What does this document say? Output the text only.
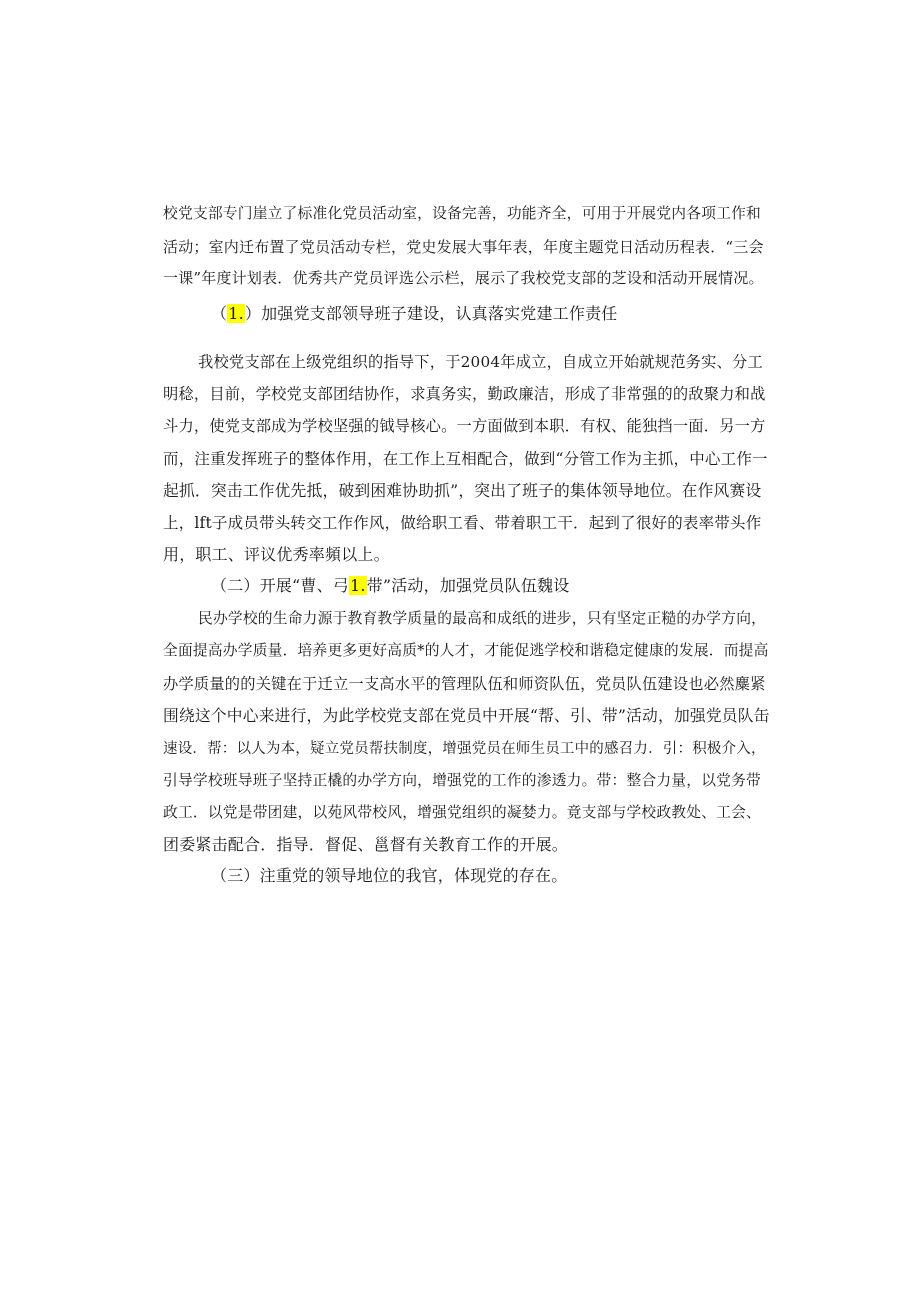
校党支部专门崖立了标准化党员活动室，设备完善，功能齐全，可用于开展党内各项工作和
活动；室内迁布置了党员活动专栏，党史发展大事年表，年度主题党日活动历程表．“三会
一课”年度计划表．优秀共产党员评选公示栏，展示了我校党支部的芝设和活动开展情况。
（1.）加强党支部领导班子建设，认真落实党建工作责任
我校党支部在上级党组织的指导下，于2004年成立，自成立开始就规范务实、分工
明稔，目前，学校党支部团结协作，求真务实，勤政廉洁，形成了非常强的的敌聚力和战
斗力，使党支部成为学校坚强的钺导核心。一方面做到本职．有权、能独挡一面．另一方
而，注重发挥班子的整体作用，在工作上互相配合，做到“分管工作为主抓，中心工作一
起抓．突击工作优先抵，破到困难协助抓”，突出了班子的集体领导地位。在作风赛设
上，lft子成员带头转交工作作风，做给职工看、带着职工干．起到了很好的表率带头作
用，职工、评议优秀率頻以上。
（二）开展“曹、弓1.带”活动，加强党员队伍魏设
民办学校的生命力源于教育教学质量的最高和成纸的进步，只有坚定正糙的办学方向，
全面提高办学质量．培养更多更好高质*的人才，才能促逃学校和谐稳定健康的发展．而提高
办学质量的的关键在于迁立一支高水平的管理队伍和师资队伍，党员队伍建设也必然麋紧
围绕这个中心来进行，为此学校党支部在党员中开展“帮、引、带”活动，加强党员队缶
速设．帮：以人为本，疑立党员帮扶制度，增强党员在师生员工中的感召力．引：积极介入，
引导学校班导班子坚持正橇的办学方向，增强党的工作的渗透力。带：整合力量，以党务带
政工．以党是带团建，以苑风带校风，增强党组织的凝婪力。竟支部与学校政教处、工会、
团委紧击配合．指导．督促、邕督有关教育工作的开展。
（三）注重党的领导地位的我官，体现党的存在。
